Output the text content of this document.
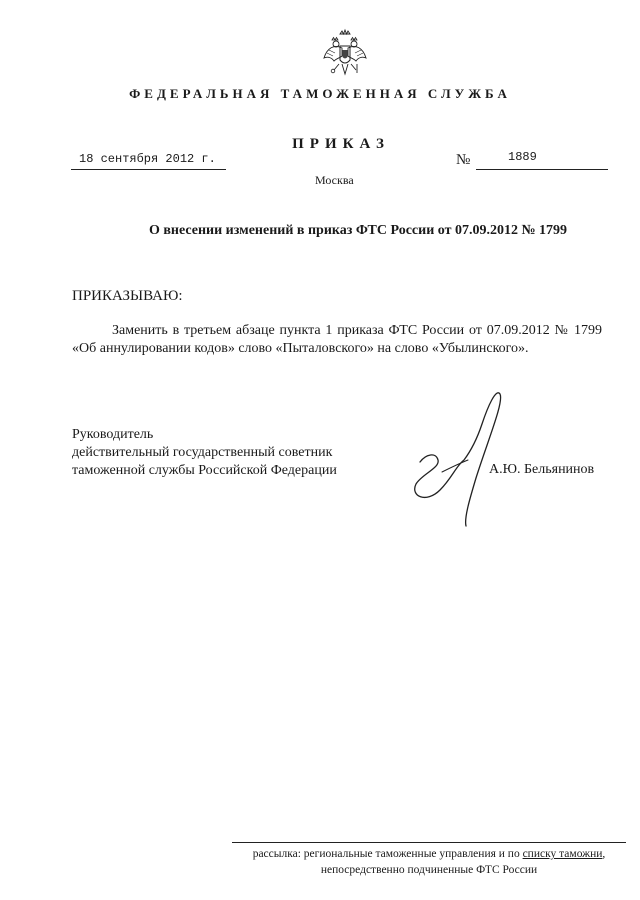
ФЕДЕРАЛЬНАЯ ТАМОЖЕННАЯ СЛУЖБА
ПРИКАЗ
18 сентября 2012 г.	№	1889
Москва
О внесении изменений в приказ ФТС России от 07.09.2012 № 1799
ПРИКАЗЫВАЮ:
Заменить в третьем абзаце пункта 1 приказа ФТС России от 07.09.2012 № 1799 «Об аннулировании кодов» слово «Пыталовского» на слово «Убылинского».
Руководитель
действительный государственный советник
таможенной службы Российской Федерации	А.Ю. Бельянинов
рассылка: региональные таможенные управления и по списку таможни,
непосредственно подчиненные ФТС России
